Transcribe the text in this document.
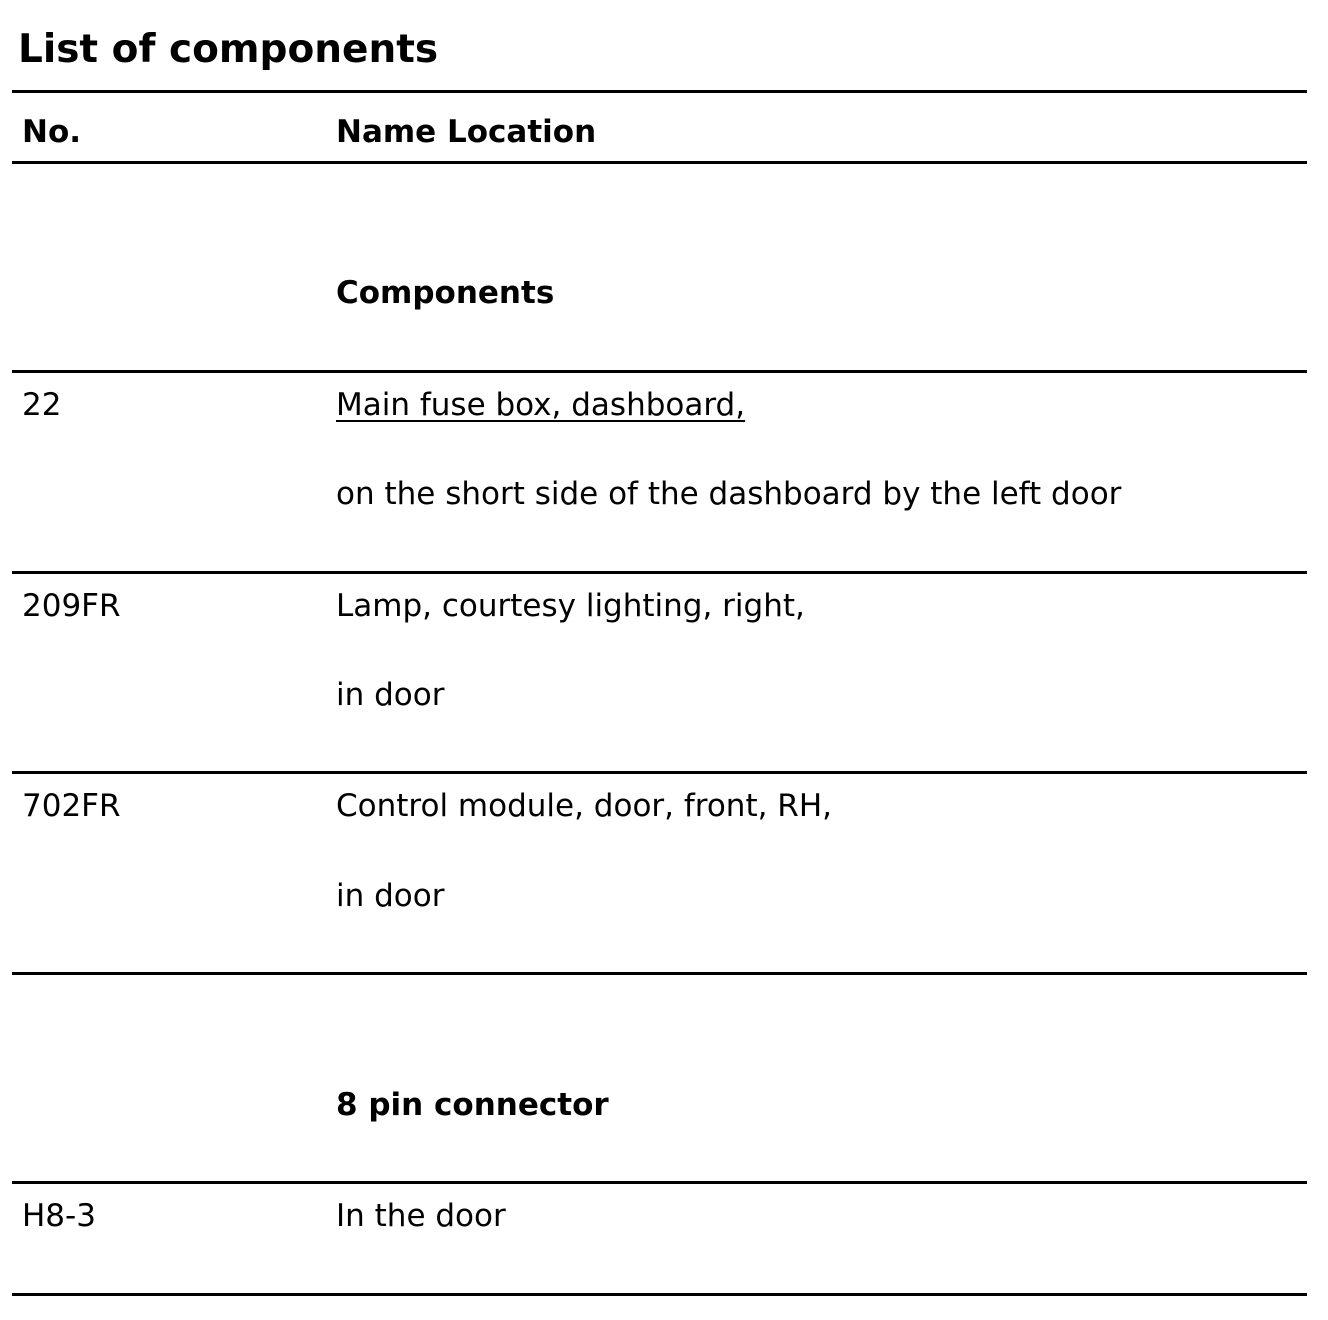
List of components
No.	Name Location
Components
22	Main fuse box, dashboard,
on the short side of the dashboard by the left door
209FR	Lamp, courtesy lighting, right,
in door
702FR	Control module, door, front, RH,
in door
8 pin connector
H8-3	In the door
